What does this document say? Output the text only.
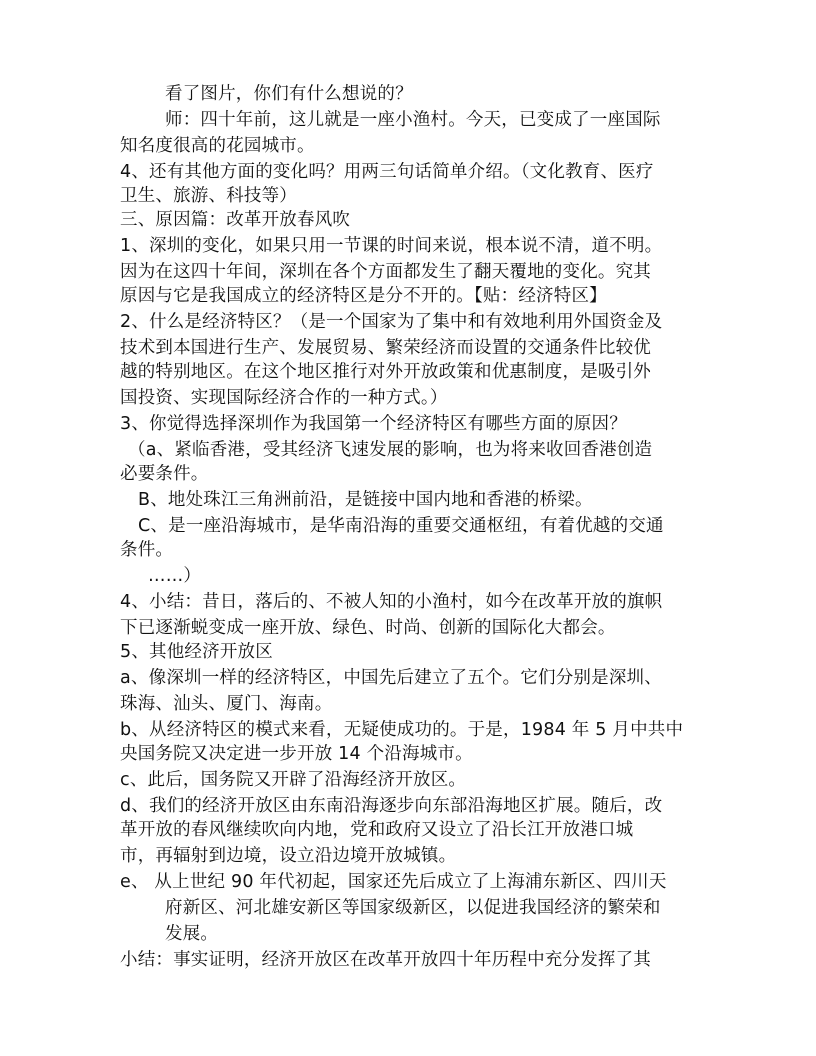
看了图片，你们有什么想说的？
师：四十年前，这儿就是一座小渔村。今天，已变成了一座国际
知名度很高的花园城市。
4、还有其他方面的变化吗？用两三句话简单介绍。（文化教育、医疗
卫生、旅游、科技等）
三、原因篇：改革开放春风吹
1、深圳的变化，如果只用一节课的时间来说，根本说不清，道不明。
因为在这四十年间，深圳在各个方面都发生了翻天覆地的变化。究其
原因与它是我国成立的经济特区是分不开的。【贴：经济特区】
2、什么是经济特区？（是一个国家为了集中和有效地利用外国资金及
技术到本国进行生产、发展贸易、繁荣经济而设置的交通条件比较优
越的特别地区。在这个地区推行对外开放政策和优惠制度，是吸引外
国投资、实现国际经济合作的一种方式。）
3、你觉得选择深圳作为我国第一个经济特区有哪些方面的原因？
（a、紧临香港，受其经济飞速发展的影响，也为将来收回香港创造
必要条件。
B、地处珠江三角洲前沿，是链接中国内地和香港的桥梁。
C、是一座沿海城市，是华南沿海的重要交通枢纽，有着优越的交通
条件。
……）
4、小结：昔日，落后的、不被人知的小渔村，如今在改革开放的旗帜
下已逐渐蜕变成一座开放、绿色、时尚、创新的国际化大都会。
5、其他经济开放区
a、像深圳一样的经济特区，中国先后建立了五个。它们分别是深圳、
珠海、汕头、厦门、海南。
b、从经济特区的模式来看，无疑使成功的。于是，1984 年 5 月中共中
央国务院又决定进一步开放 14 个沿海城市。
c、此后，国务院又开辟了沿海经济开放区。
d、我们的经济开放区由东南沿海逐步向东部沿海地区扩展。随后，改
革开放的春风继续吹向内地，党和政府又设立了沿长江开放港口城
市，再辐射到边境，设立沿边境开放城镇。
e、 从上世纪 90 年代初起，国家还先后成立了上海浦东新区、四川天
府新区、河北雄安新区等国家级新区，以促进我国经济的繁荣和
发展。
小结：事实证明，经济开放区在改革开放四十年历程中充分发挥了其
